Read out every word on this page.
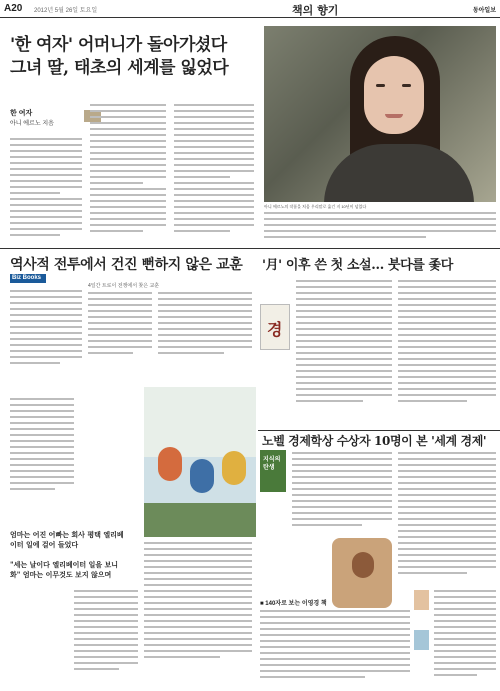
A20 2012년 5월 26일 토요일	책의 향기	동아일보
'한 여자' 어머니가 돌아가셨다
그녀 딸, 태초의 세계를 잃었다
한 여자
아니 에르노 지음
아니 에르노의 작품을 처음 우리말로 옮긴 지 10년이 넘었다
역사적 전투에서 건진 뻔하지 않은 교훈
Biz Books
4일간 트로이 전쟁에서 찾은 교훈
엄마는 어진 어빠는 회사 평택 엘리베이터 일에 걸어 들었다
"세는 날이다 엘리베이터 일을 보니 화" 엄마는 이무것도 보지 않으며
'月' 이후 쓴 첫 소설… 붓다를 좇다
경
노벨 경제학상 수상자 10명이 본 '세계 경제'
지식의 탄생
■ 140자로 보는 이영경 책
